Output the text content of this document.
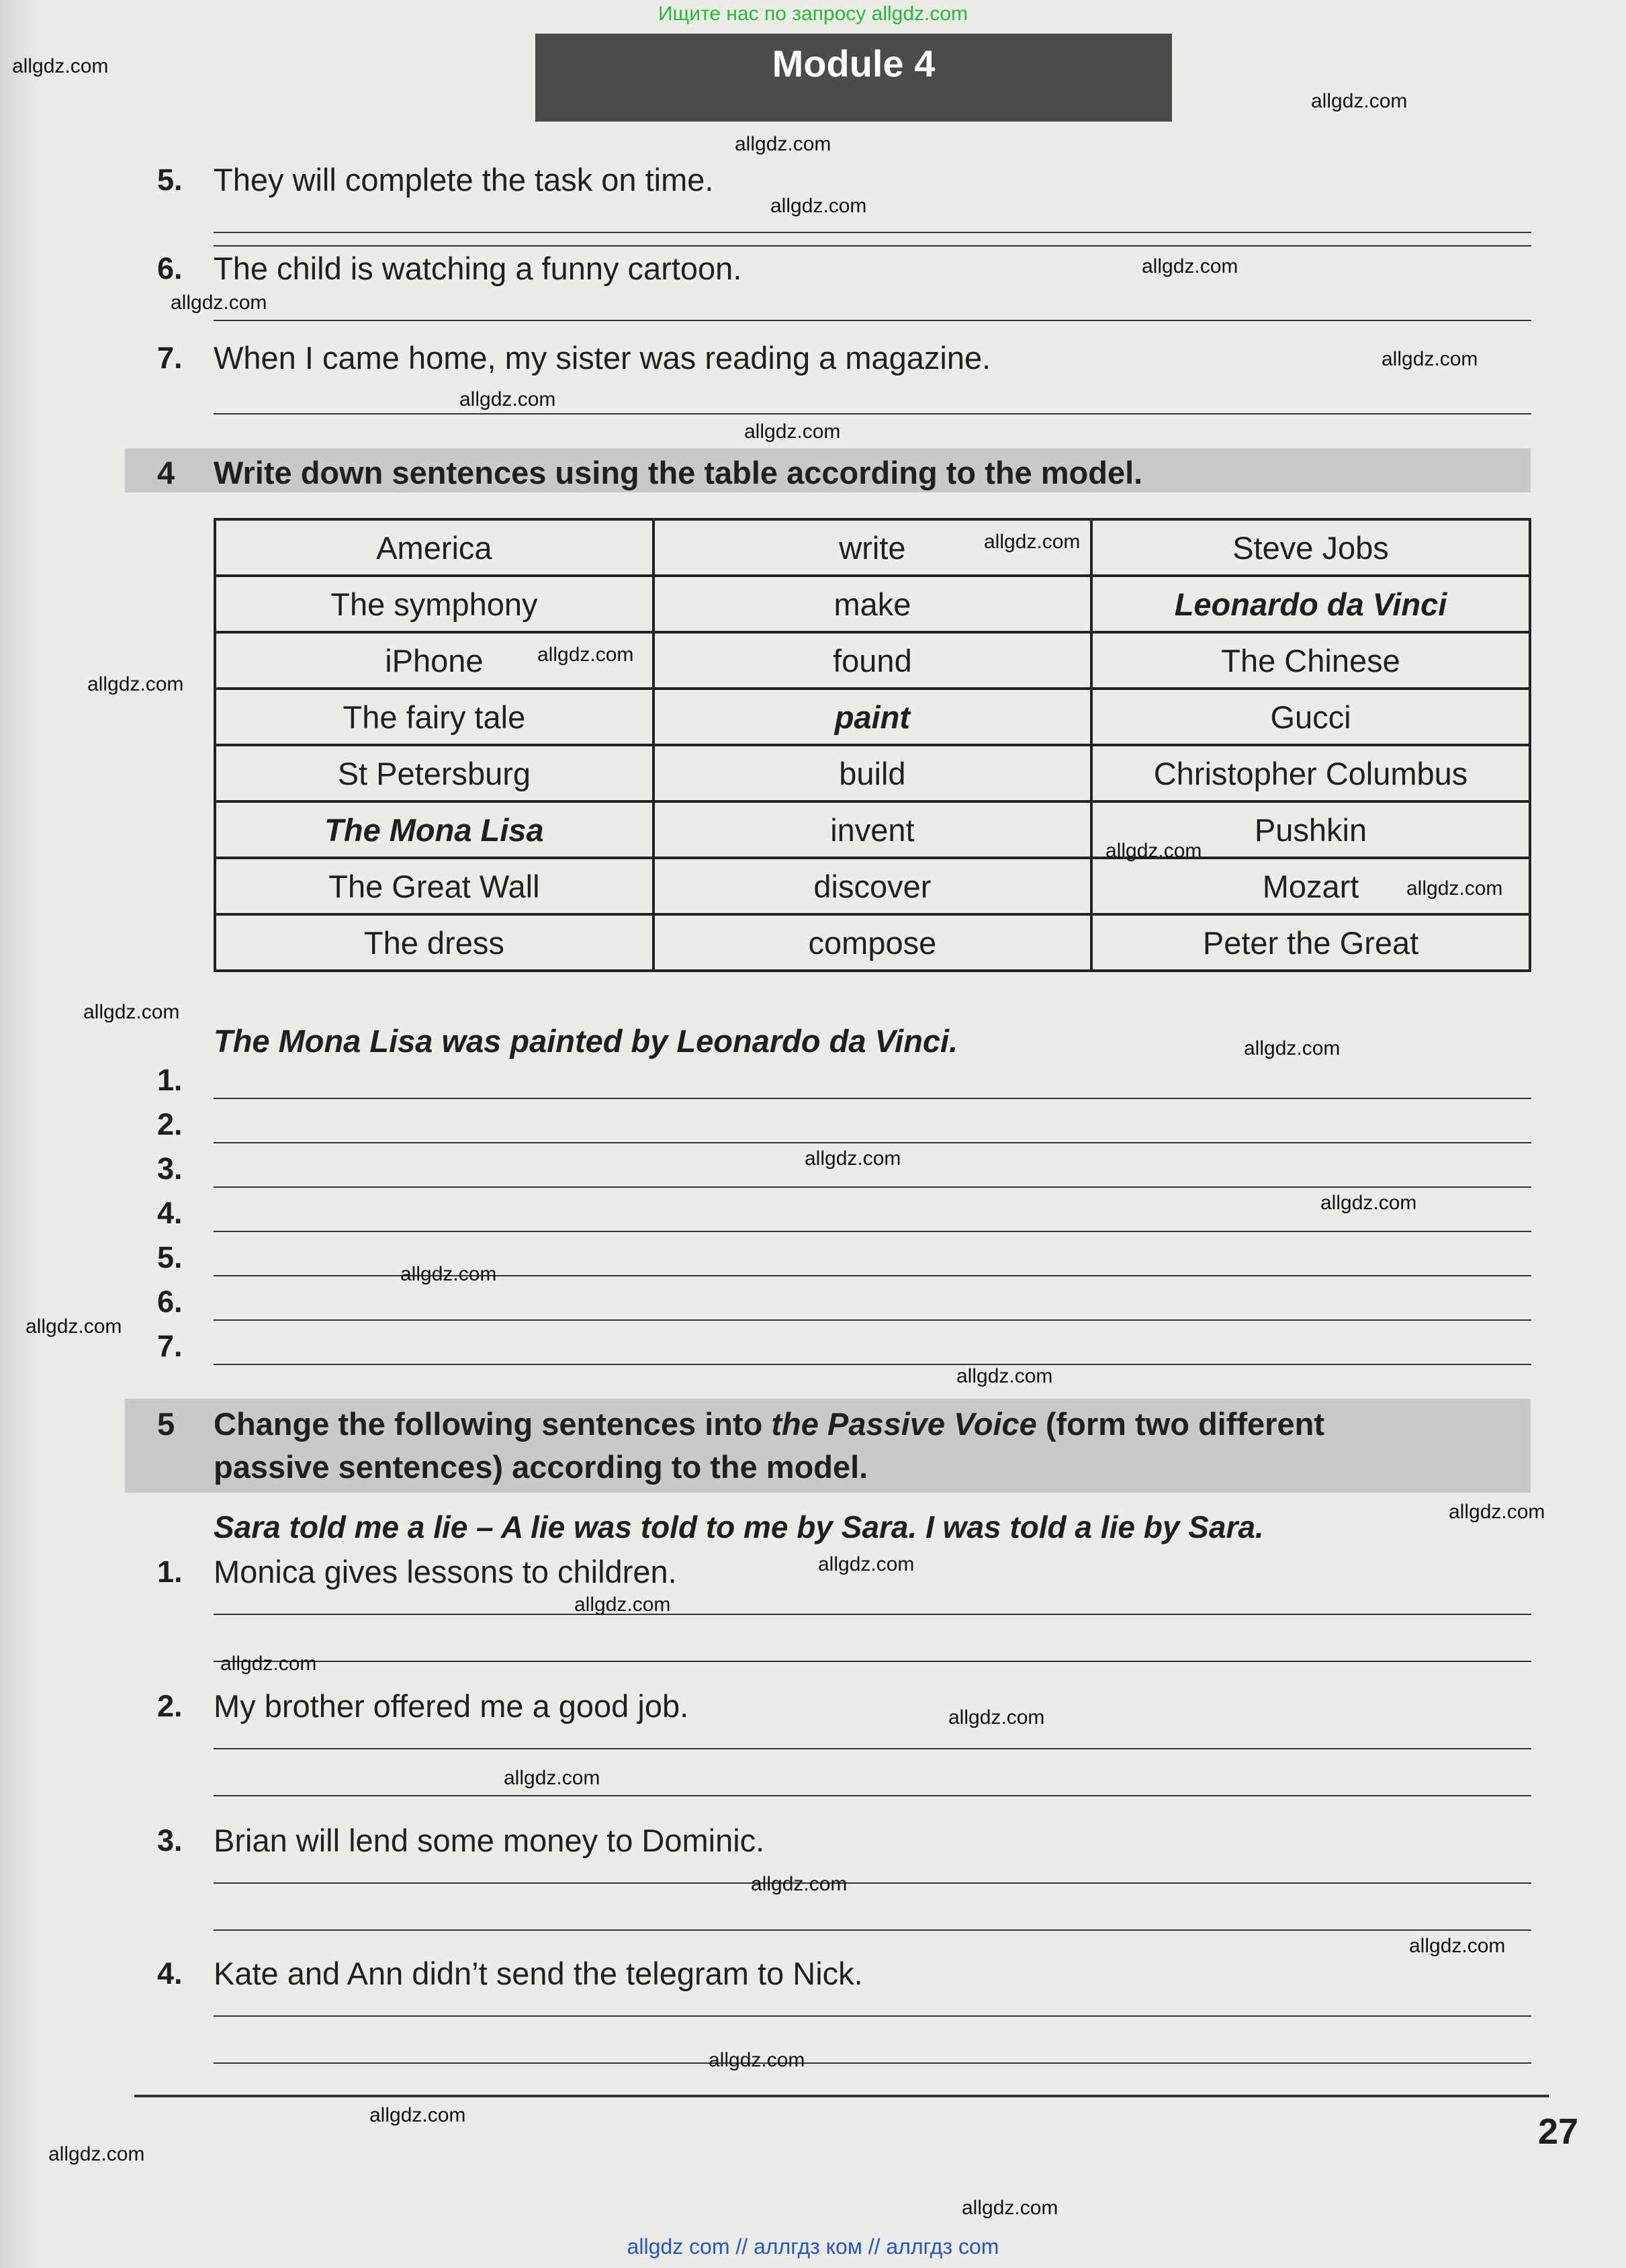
Ищите нас по запросу allgdz.com
Module 4
5. They will complete the task on time.
6. The child is watching a funny cartoon.
7. When I came home, my sister was reading a magazine.
4 Write down sentences using the table according to the model.
America	write	Steve Jobs
The symphony	make	Leonardo da Vinci
iPhone	found	The Chinese
The fairy tale	paint	Gucci
St Petersburg	build	Christopher Columbus
The Mona Lisa	invent	Pushkin
The Great Wall	discover	Mozart
The dress	compose	Peter the Great
The Mona Lisa was painted by Leonardo da Vinci.
1.
2.
3.
4.
5.
6.
7.
5 Change the following sentences into the Passive Voice (form two different
passive sentences) according to the model.
Sara told me a lie – A lie was told to me by Sara. I was told a lie by Sara.
1. Monica gives lessons to children.
2. My brother offered me a good job.
3. Brian will lend some money to Dominic.
4. Kate and Ann didn’t send the telegram to Nick.
27
allgdz.com
allgdz.com
allgdz.com
allgdz.com
allgdz.com
allgdz.com
allgdz.com
allgdz.com
allgdz.com
allgdz.com
allgdz.com
allgdz.com
allgdz.com
allgdz.com
allgdz.com
allgdz.com
allgdz.com
allgdz.com
allgdz.com
allgdz.com
allgdz.com
allgdz.com
allgdz.com
allgdz.com
allgdz.com
allgdz.com
allgdz.com
allgdz.com
allgdz.com
allgdz.com
allgdz.com
allgdz.com
allgdz.com
allgdz com // аллгдз ком // аллгдз com
